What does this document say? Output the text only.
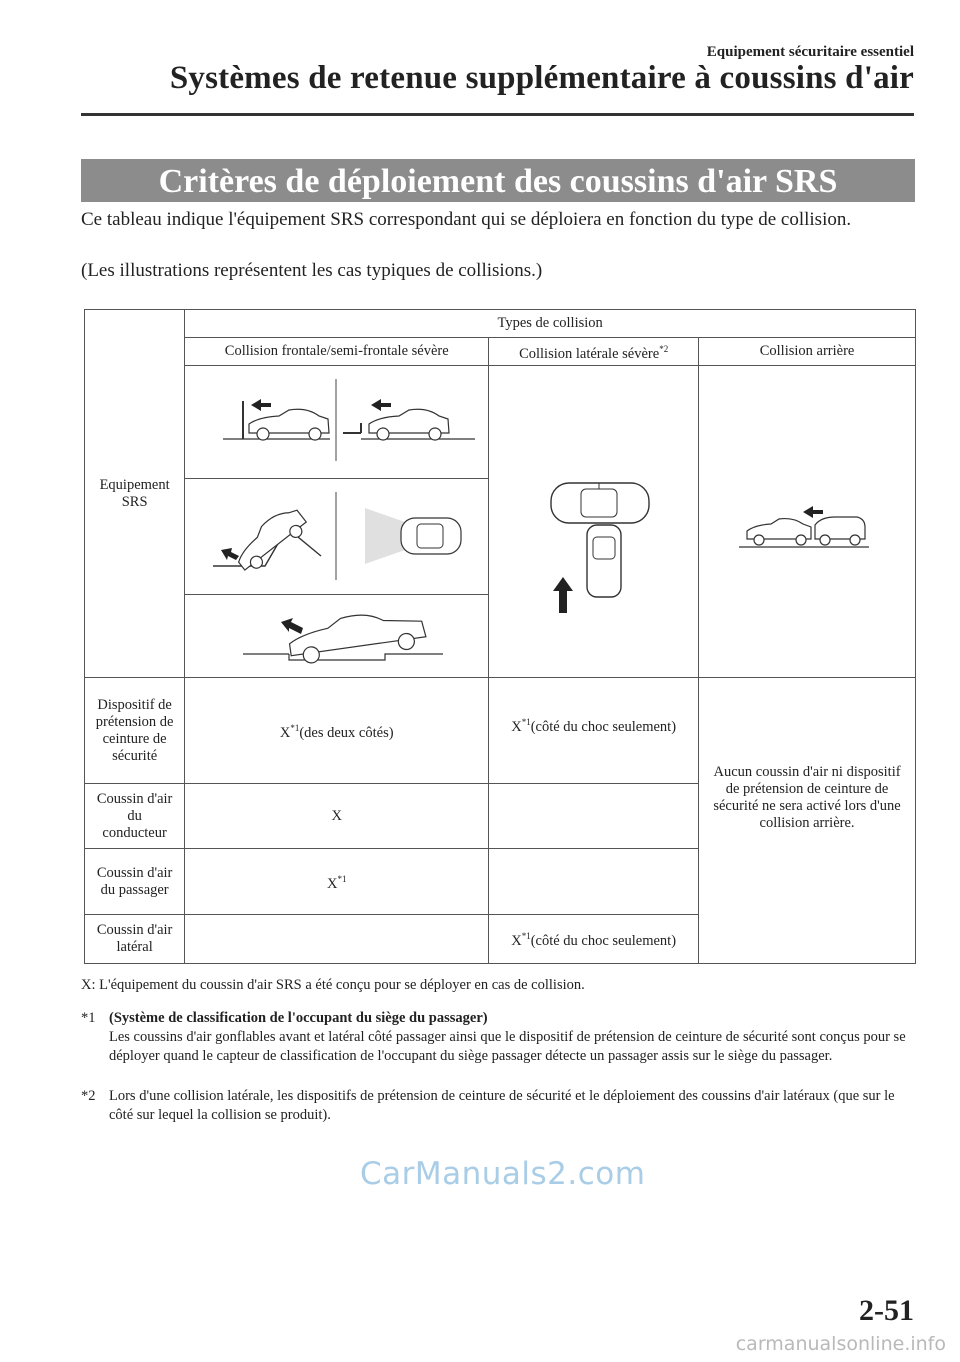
Equipement sécuritaire essentiel
Systèmes de retenue supplémentaire à coussins d'air
Critères de déploiement des coussins d'air SRS
Ce tableau indique l'équipement SRS correspondant qui se déploiera en fonction du type de collision.
(Les illustrations représentent les cas typiques de collisions.)
Equipement SRS	Types de collision		
	Collision frontale/semi-frontale sévère	Collision latérale sévère$^{*2}$	Collision arrière

Dispositif de prétension de ceinture de sécurité	$X^{*1}(des$ deux côtés)	$X^{*1}(côté$ du choc seulement)	Aucun coussin d'air ni dispositif de prétension de ceinture de sécurité ne sera activé lors d'une collision arrière.
Coussin d'air du conducteur	X		
Coussin d'air du passager	$X^{*1}$	
Coussin d'air latéral		$X^{*1}(côté$ du choc seulement)	
X: L'équipement du coussin d'air SRS a été conçu pour se déployer en cas de collision.
*1 (Système de classification de l'occupant du siège du passager)
Les coussins d'air gonflables avant et latéral côté passager ainsi que le dispositif de prétension de ceinture de sécurité sont conçus pour se déployer quand le capteur de classification de l'occupant du siège passager détecte un passager assis sur le siège du passager.
*2 Lors d'une collision latérale, les dispositifs de prétension de ceinture de sécurité et le déploiement des coussins d'air latéraux (que sur le côté sur lequel la collision se produit).
CarManuals2.com
2-51
carmanualsonline.info
